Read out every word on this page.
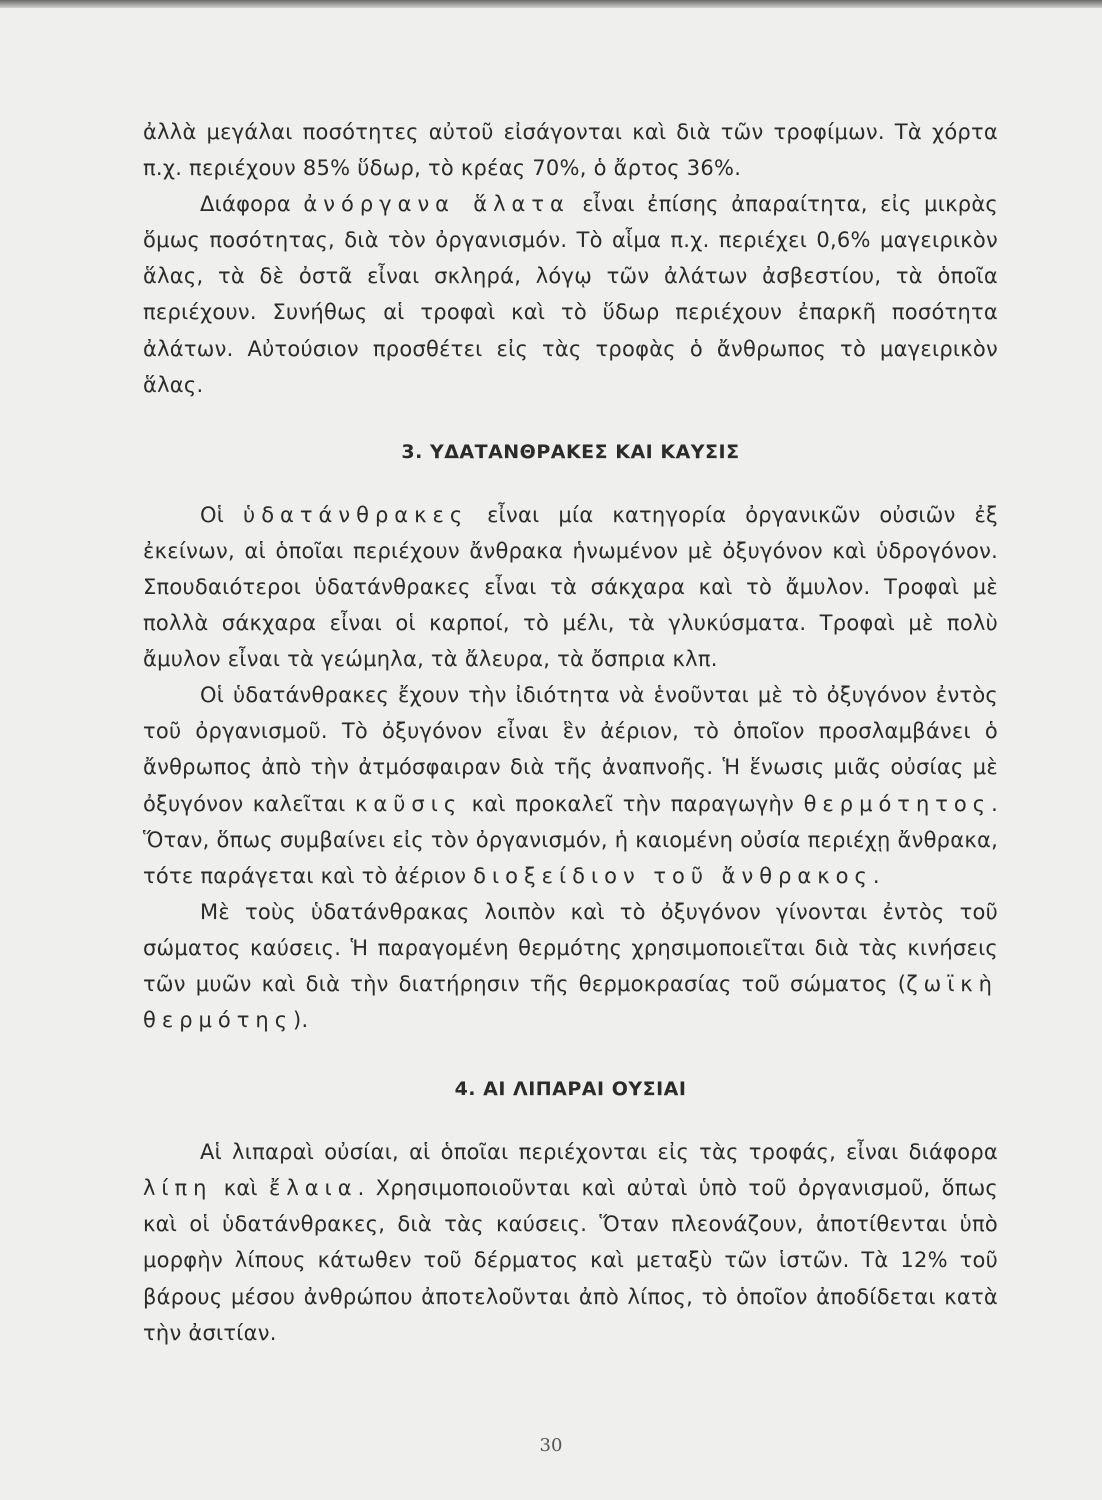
ἀλλὰ μεγάλαι ποσότητες αὐτοῦ εἰσάγονται καὶ διὰ τῶν τροφίμων. Τὰ χόρτα π.χ. περιέχουν 85% ὕδωρ, τὸ κρέας 70%, ὁ ἄρτος 36%.

Διάφορα ἀνόργανα ἅλατα εἶναι ἐπίσης ἀπαραίτητα, εἰς μικρὰς ὅμως ποσότητας, διὰ τὸν ὀργανισμόν. Τὸ αἷμα π.χ. περιέχει 0,6% μαγειρικὸν ἅλας, τὰ δὲ ὀστᾶ εἶναι σκληρά, λόγῳ τῶν ἀλάτων ἀσβεστίου, τὰ ὁποῖα περιέχουν. Συνήθως αἱ τροφαὶ καὶ τὸ ὕδωρ περιέχουν ἐπαρκῆ ποσότητα ἀλάτων. Αὐτούσιον προσθέτει εἰς τὰς τροφὰς ὁ ἄνθρωπος τὸ μαγειρικὸν ἅλας.

3. ΥΔΑΤΑΝΘΡΑΚΕΣ ΚΑΙ ΚΑΥΣΙΣ

Οἱ ὑδατάνθρακες εἶναι μία κατηγορία ὀργανικῶν οὐσιῶν ἐξ ἐκείνων, αἱ ὁποῖαι περιέχουν ἄνθρακα ἡνωμένον μὲ ὀξυγόνον καὶ ὑδρογόνον. Σπουδαιότεροι ὑδατάνθρακες εἶναι τὰ σάκχαρα καὶ τὸ ἄμυλον. Τροφαὶ μὲ πολλὰ σάκχαρα εἶναι οἱ καρποί, τὸ μέλι, τὰ γλυκύσματα. Τροφαὶ μὲ πολὺ ἄμυλον εἶναι τὰ γεώμηλα, τὰ ἄλευρα, τὰ ὄσπρια κλπ.

Οἱ ὑδατάνθρακες ἔχουν τὴν ἰδιότητα νὰ ἑνοῦνται μὲ τὸ ὀξυγόνον ἐντὸς τοῦ ὀργανισμοῦ. Τὸ ὀξυγόνον εἶναι ἓν ἀέριον, τὸ ὁποῖον προσλαμβάνει ὁ ἄνθρωπος ἀπὸ τὴν ἀτμόσφαιραν διὰ τῆς ἀναπνοῆς. Ἡ ἕνωσις μιᾶς οὐσίας μὲ ὀξυγόνον καλεῖται καῦσις καὶ προκαλεῖ τὴν παραγωγὴν θερμότητος. Ὅταν, ὅπως συμβαίνει εἰς τὸν ὀργανισμόν, ἡ καιομένη οὐσία περιέχῃ ἄνθρακα, τότε παράγεται καὶ τὸ ἀέριον διοξείδιον τοῦ ἄνθρακος.

Μὲ τοὺς ὑδατάνθρακας λοιπὸν καὶ τὸ ὀξυγόνον γίνονται ἐντὸς τοῦ σώματος καύσεις. Ἡ παραγομένη θερμότης χρησιμοποιεῖται διὰ τὰς κινήσεις τῶν μυῶν καὶ διὰ τὴν διατήρησιν τῆς θερμοκρασίας τοῦ σώματος (ζωϊκὴ θερμότης).

4. ΑΙ ΛΙΠΑΡΑΙ ΟΥΣΙΑΙ

Αἱ λιπαραὶ οὐσίαι, αἱ ὁποῖαι περιέχονται εἰς τὰς τροφάς, εἶναι διάφορα λίπη καὶ ἔλαια. Χρησιμοποιοῦνται καὶ αὐταὶ ὑπὸ τοῦ ὀργανισμοῦ, ὅπως καὶ οἱ ὑδατάνθρακες, διὰ τὰς καύσεις. Ὅταν πλεονάζουν, ἀποτίθενται ὑπὸ μορφὴν λίπους κάτωθεν τοῦ δέρματος καὶ μεταξὺ τῶν ἱστῶν. Τὰ 12% τοῦ βάρους μέσου ἀνθρώπου ἀποτελοῦνται ἀπὸ λίπος, τὸ ὁποῖον ἀποδίδεται κατὰ τὴν ἀσιτίαν.

30
